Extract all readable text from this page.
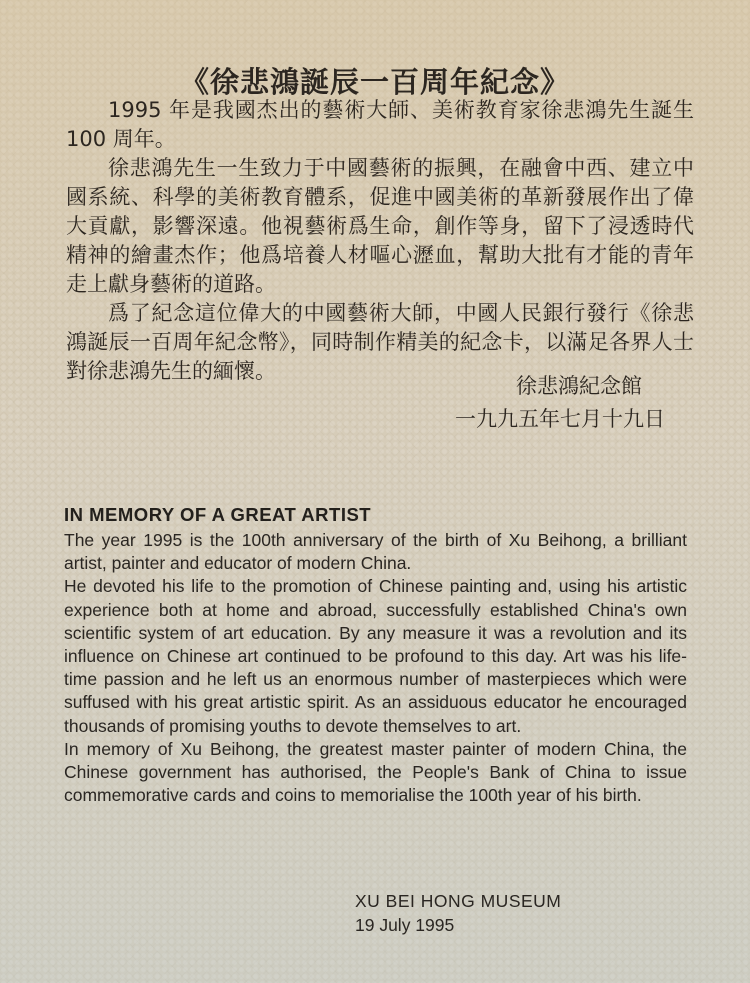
《徐悲鴻誕辰一百周年紀念》

1995 年是我國杰出的藝術大師、美術教育家徐悲鴻先生誕生 100 周年。

徐悲鴻先生一生致力于中國藝術的振興，在融會中西、建立中國系統、科學的美術教育體系，促進中國美術的革新發展作出了偉大貢獻，影響深遠。他視藝術爲生命，創作等身，留下了浸透時代精神的繪畫杰作；他爲培養人材嘔心瀝血，幫助大批有才能的青年走上獻身藝術的道路。

爲了紀念這位偉大的中國藝術大師，中國人民銀行發行《徐悲鴻誕辰一百周年紀念幣》，同時制作精美的紀念卡，以滿足各界人士對徐悲鴻先生的緬懷。

徐悲鴻紀念館
一九九五年七月十九日
IN MEMORY OF A GREAT ARTIST

The year 1995 is the 100th anniversary of the birth of Xu Beihong, a brilliant artist, painter and educator of modern China.

He devoted his life to the promotion of Chinese painting and, using his artistic experience both at home and abroad, successfully established China's own scientific system of art education. By any measure it was a revolution and its influence on Chinese art continued to be profound to this day. Art was his life-time passion and he left us an enormous number of masterpieces which were suffused with his great artistic spirit. As an assiduous educator he encouraged thousands of promising youths to devote themselves to art.

In memory of Xu Beihong, the greatest master painter of modern China, the Chinese government has authorised, the People's Bank of China to issue commemorative cards and coins to memorialise the 100th year of his birth.

XU BEI HONG MUSEUM
19 July 1995
